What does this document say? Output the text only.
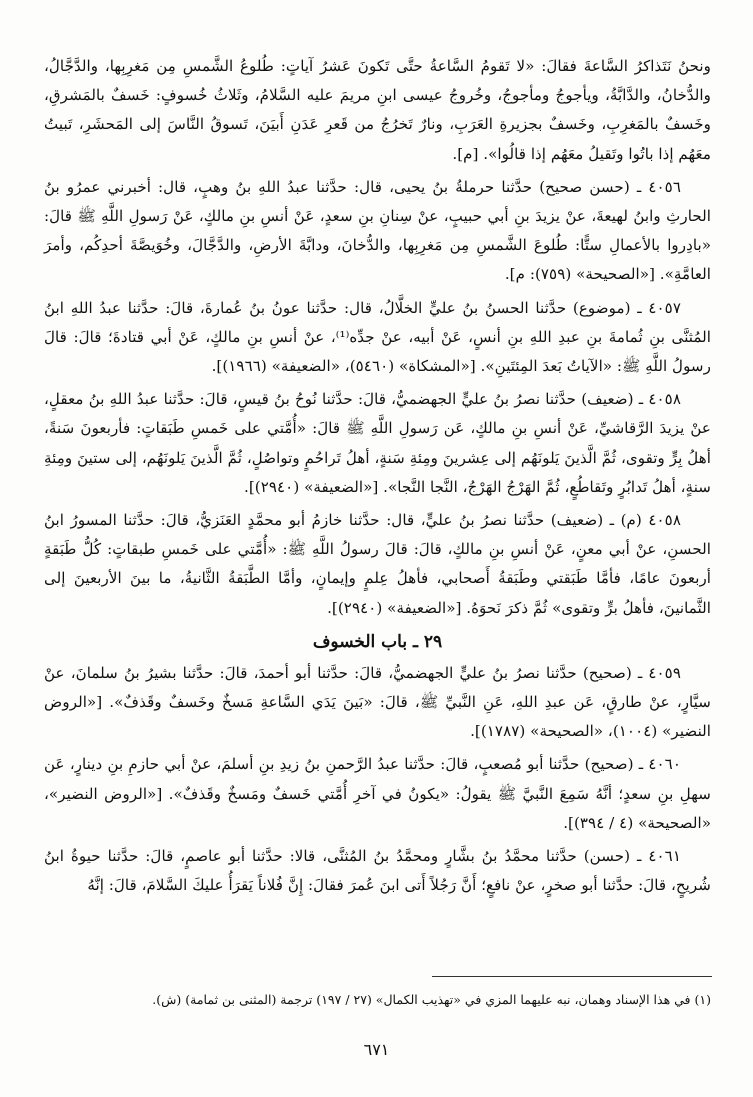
ونحنُ نَتَذاكرُ السَّاعةَ فقالَ: «لا تَقومُ السَّاعةُ حتَّى تَكونَ عَشرُ آياتٍ: طُلوعُ الشَّمسِ مِن مَغرِبِها، والدَّجَّالُ، والدُّخانُ، والدَّابَّةُ، ويأجوجُ ومأجوجُ، وخُروجُ عيسى ابنِ مريمَ عليه السَّلامُ، وثَلاثُ خُسوفٍ: خَسفٌ بالمَشرقِ، وخَسفٌ بالمَغرِبِ، وخَسفٌ بجزيرةِ العَرَبِ، ونارٌ تَخرُجُ من قَعرِ عَدَنِ أَبيَنَ، تَسوقُ النَّاسَ إلى المَحشَرِ، تَبيتُ معَهُم إذا باتُوا وتَقيلُ معَهُم إذا قالُوا». [م].

٤٠٥٦ ـ (حسن صحيح) حدَّثنا حرملةُ بنُ يحيى، قال: حدَّثنا عبدُ اللهِ بنُ وهبٍ، قال: أخبرني عمرُو بنُ الحارثِ وابنُ لهيعةَ، عنْ يزيدَ بنِ أبي حبيبٍ، عنْ سِنانِ بنِ سعدٍ، عَنْ أنسِ بنِ مالكٍ، عَنْ رَسولِ اللَّهِ ﷺ قالَ: «بادِروا بالأعمالِ ستًّا: طُلوعَ الشَّمسِ مِن مَغرِبِها، والدُّخانَ، ودابَّةَ الأرضِ، والدَّجَّالَ، وخُوَيصَّةَ أحدِكُم، وأمرَ العامَّةِ». [«الصحيحة» (٧٥٩): م].

٤٠٥٧ ـ (موضوع) حدَّثنا الحسنُ بنُ عليٍّ الخلَّالُ، قال: حدَّثنا عونُ بنُ عُمارةَ، قالَ: حدَّثنا عبدُ اللهِ ابنُ المُثنَّى بنِ ثُمامةَ بنِ عبدِ اللهِ بنِ أنسٍ، عَنْ أبيه، عنْ جدِّه⁽¹⁾، عنْ أنسِ بنِ مالكٍ، عَنْ أبي قتادةَ؛ قالَ: قالَ رسولُ اللَّهِ ﷺ: «الآياتُ بَعدَ المِئتَينِ». [«المشكاة» (٥٤٦٠)، «الضعيفة» (١٩٦٦)].

٤٠٥٨ ـ (ضعيف) حدَّثنا نصرُ بنُ عليٍّ الجهضميُّ، قالَ: حدَّثنا نُوحُ بنُ قيسٍ، قالَ: حدَّثنا عبدُ اللهِ بنُ معقلٍ، عنْ يزيدَ الرَّقاشيِّ، عَنْ أنسِ بنِ مالكٍ، عَن رَسولِ اللَّهِ ﷺ قالَ: «أُمَّتي على خَمسِ طَبَقاتٍ: فأربعونَ سَنةً، أهلُ بِرٍّ وتقوى، ثُمَّ الَّذينَ يَلونَهُم إلى عِشرينَ ومِئةِ سَنةٍ، أهلُ تَراحُمٍ وتواصُلٍ، ثُمَّ الَّذينَ يَلونَهُم، إلى ستينَ ومِئةِ سنةٍ، أهلُ تَدابُرٍ وتَقاطُعٍ، ثُمَّ الهَرْجُ الهَرْجُ، النَّجا النَّجا». [«الضعيفة» (٢٩٤٠)].

٤٠٥٨ (م) ـ (ضعيف) حدَّثنا نصرُ بنُ عليٍّ، قال: حدَّثنا خازمُ أبو محمَّدٍ العَنَزيُّ، قالَ: حدَّثنا المسورُ ابنُ الحسنِ، عنْ أبي معنٍ، عَنْ أنسِ بنِ مالكٍ، قالَ: قالَ رسولُ اللَّهِ ﷺ: «أُمَّتي على خَمسِ طبقاتٍ: كُلُّ طَبَقةٍ أربعونَ عامًا، فأمَّا طَبَقتي وطَبَقةُ أَصحابي، فأهلُ عِلمٍ وإيمانٍ، وأمَّا الطَّبَقةُ الثَّانيةُ، ما بينَ الأربعينَ إلى الثَّمانينَ، فأهلُ برٍّ وتقوى» ثُمَّ ذكرَ نَحوَهُ. [«الضعيفة» (٢٩٤٠)].

٢٩ ـ باب الخسوف

٤٠٥٩ ـ (صحيح) حدَّثنا نصرُ بنُ عليٍّ الجهضميُّ، قالَ: حدَّثنا أبو أحمدَ، قالَ: حدَّثنا بشيرُ بنُ سلمانَ، عنْ سيَّارٍ، عنْ طارقٍ، عَن عبدِ اللهِ، عَنِ النَّبيِّ ﷺ، قالَ: «بَينَ يَدَي السَّاعةِ مَسخٌ وخَسفٌ وقَذفٌ». [«الروض النضير» (١٠٠٤)، «الصحيحة» (١٧٨٧)].

٤٠٦٠ ـ (صحيح) حدَّثنا أبو مُصعبٍ، قالَ: حدَّثنا عبدُ الرَّحمنِ بنُ زيدِ بنِ أسلمَ، عنْ أبي حازمِ بنِ دينارٍ، عَن سهلِ بنِ سعدٍ؛ أنَّهُ سَمِعَ النَّبيَّ ﷺ يقولُ: «يكونُ في آخرِ أُمَّتي خَسفٌ ومَسخٌ وقَذفٌ». [«الروض النضير»، «الصحيحة» (٤ / ٣٩٤)].

٤٠٦١ ـ (حسن) حدَّثنا محمَّدُ بنُ بشَّارٍ ومحمَّدُ بنُ المُثنَّى، قالا: حدَّثنا أبو عاصمٍ، قالَ: حدَّثنا حيوةُ ابنُ شُريحٍ، قالَ: حدَّثنا أبو صخرٍ، عنْ نافعٍ؛ أَنَّ رَجُلاً أَتى ابنَ عُمرَ فقالَ: إِنَّ فُلاناً يَقرَأُ عليكَ السَّلامَ، قالَ: إنَّهُ

(١) في هذا الإسناد وهمان، نبه عليهما المزي في «تهذيب الكمال» (٢٧ / ١٩٧) ترجمة (المثنى بن ثمامة) (ش).
٦٧١
